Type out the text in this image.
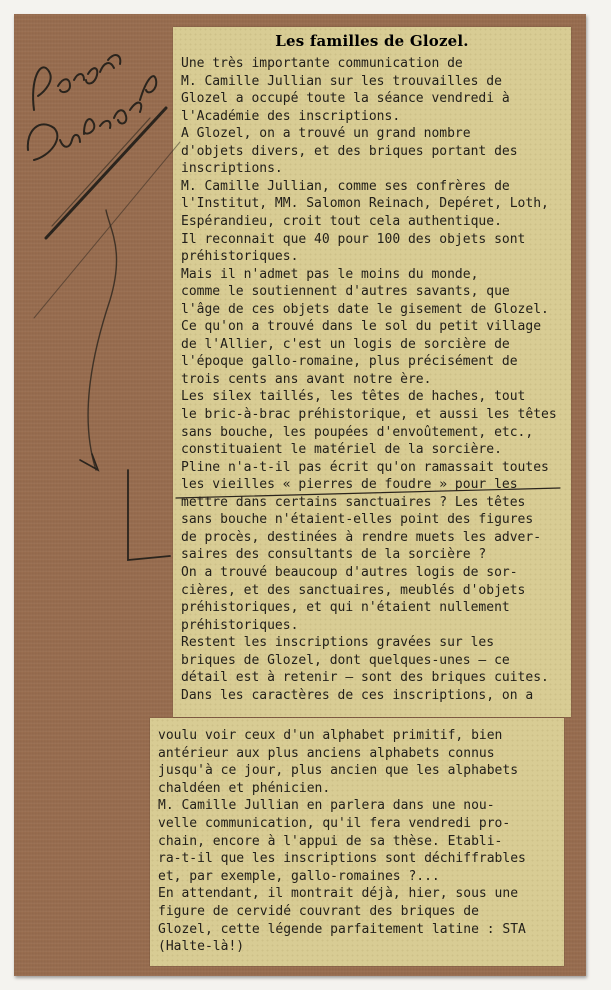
Les familles de Glozel.
Une très importante communication de
M. Camille Jullian sur les trouvailles de
Glozel a occupé toute la séance vendredi à
l'Académie des inscriptions.
A Glozel, on a trouvé un grand nombre
d'objets divers, et des briques portant des
inscriptions.
M. Camille Jullian, comme ses confrères de
l'Institut, MM. Salomon Reinach, Depéret, Loth,
Espérandieu, croit tout cela authentique.
Il reconnait que 40 pour 100 des objets sont
préhistoriques.
Mais il n'admet pas le moins du monde,
comme le soutiennent d'autres savants, que
l'âge de ces objets date le gisement de Glozel.
Ce qu'on a trouvé dans le sol du petit village
de l'Allier, c'est un logis de sorcière de
l'époque gallo-romaine, plus précisément de
trois cents ans avant notre ère.
Les silex taillés, les têtes de haches, tout
le bric-à-brac préhistorique, et aussi les têtes
sans bouche, les poupées d'envoûtement, etc.,
constituaient le matériel de la sorcière.
Pline n'a-t-il pas écrit qu'on ramassait toutes
les vieilles « pierres de foudre » pour les
mettre dans certains sanctuaires ? Les têtes
sans bouche n'étaient-elles point des figures
de procès, destinées à rendre muets les adver-
saires des consultants de la sorcière ?
On a trouvé beaucoup d'autres logis de sor-
cières, et des sanctuaires, meublés d'objets
préhistoriques, et qui n'étaient nullement
préhistoriques.
Restent les inscriptions gravées sur les
briques de Glozel, dont quelques-unes — ce
détail est à retenir — sont des briques cuites.
Dans les caractères de ces inscriptions, on a
voulu voir ceux d'un alphabet primitif, bien
antérieur aux plus anciens alphabets connus
jusqu'à ce jour, plus ancien que les alphabets
chaldéen et phénicien.
M. Camille Jullian en parlera dans une nou-
velle communication, qu'il fera vendredi pro-
chain, encore à l'appui de sa thèse. Etabli-
ra-t-il que les inscriptions sont déchiffrables
et, par exemple, gallo-romaines ?...
En attendant, il montrait déjà, hier, sous une
figure de cervidé couvrant des briques de
Glozel, cette légende parfaitement latine : STA
(Halte-là!)
